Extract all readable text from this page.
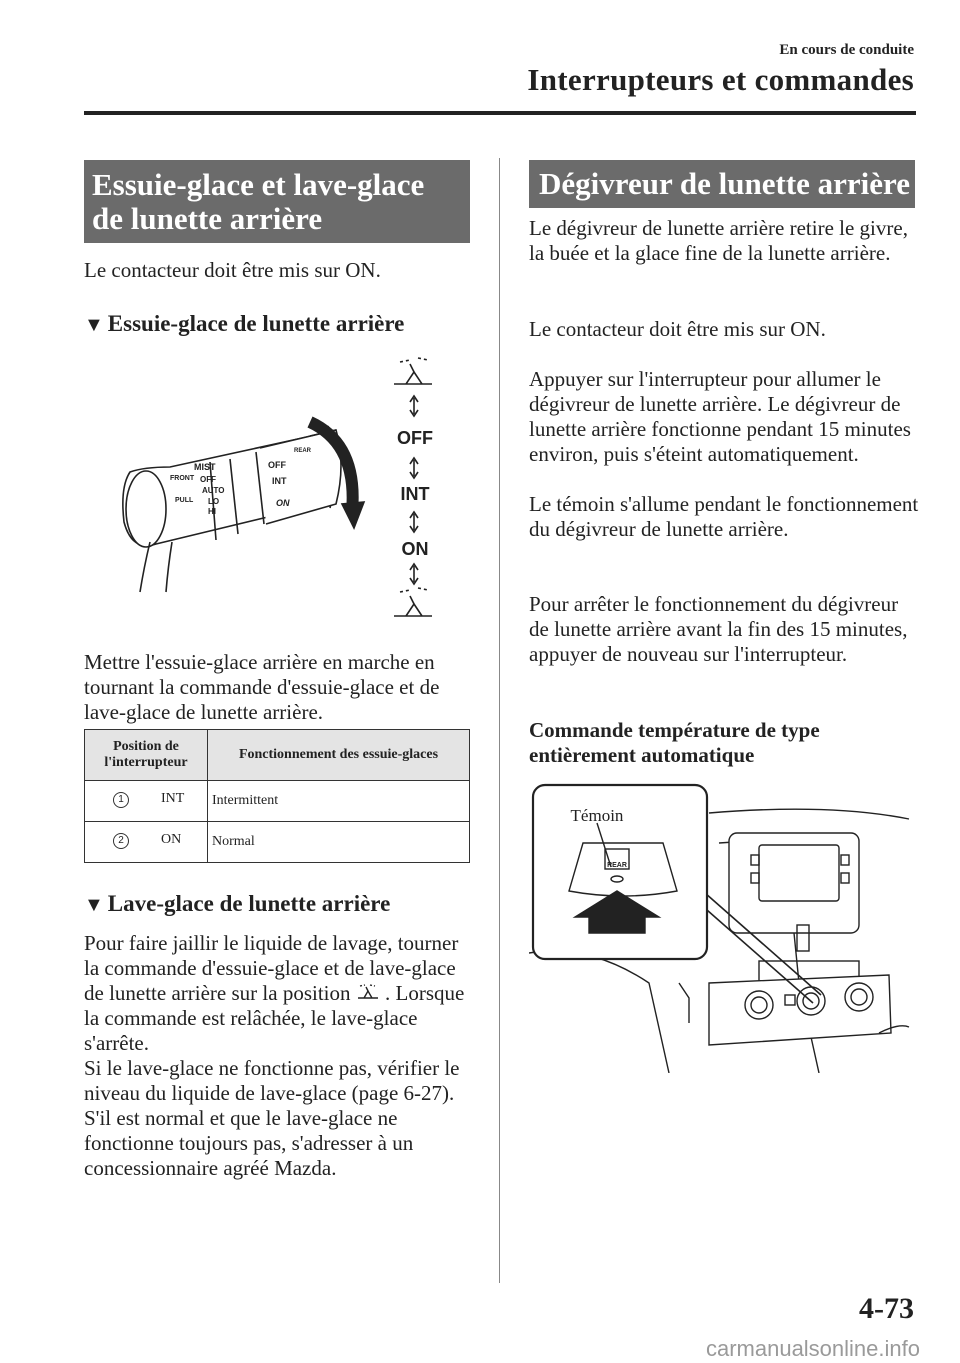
En cours de conduite
Interrupteurs et commandes
Essuie-glace et lave-glace
de lunette arrière
Le contacteur doit être mis sur ON.
▼ Essuie-glace de lunette arrière
FRONT
PULL
MIST
OFF
AUTO
LO
HI
OFF
INT
ON
REAR
OFF
INT
ON
Mettre l'essuie-glace arrière en marche en tournant la commande d'essuie-glace et de lave-glace de lunette arrière.
Position de
l'interrupteur	Fonctionnement des essuie-glaces

1 INT	Intermittent

2 ON	Normal
▼ Lave-glace de lunette arrière
Pour faire jaillir le liquide de lavage, tourner la commande d'essuie-glace et de lave-glace de lunette arrière sur la position . Lorsque la commande est relâchée, le lave-glace s'arrête.
Si le lave-glace ne fonctionne pas, vérifier le niveau du liquide de lave-glace (page 6-27). S'il est normal et que le lave-glace ne fonctionne toujours pas, s'adresser à un concessionnaire agréé Mazda.
Dégivreur de lunette arrière
Le dégivreur de lunette arrière retire le givre, la buée et la glace fine de la lunette arrière.
Le contacteur doit être mis sur ON.
Appuyer sur l'interrupteur pour allumer le dégivreur de lunette arrière. Le dégivreur de lunette arrière fonctionne pendant 15 minutes environ, puis s'éteint automatiquement.
Le témoin s'allume pendant le fonctionnement du dégivreur de lunette arrière.
Pour arrêter le fonctionnement du dégivreur de lunette arrière avant la fin des 15 minutes, appuyer de nouveau sur l'interrupteur.
Commande température de type
entièrement automatique
Témoin
REAR
4-73
carmanualsonline.info
